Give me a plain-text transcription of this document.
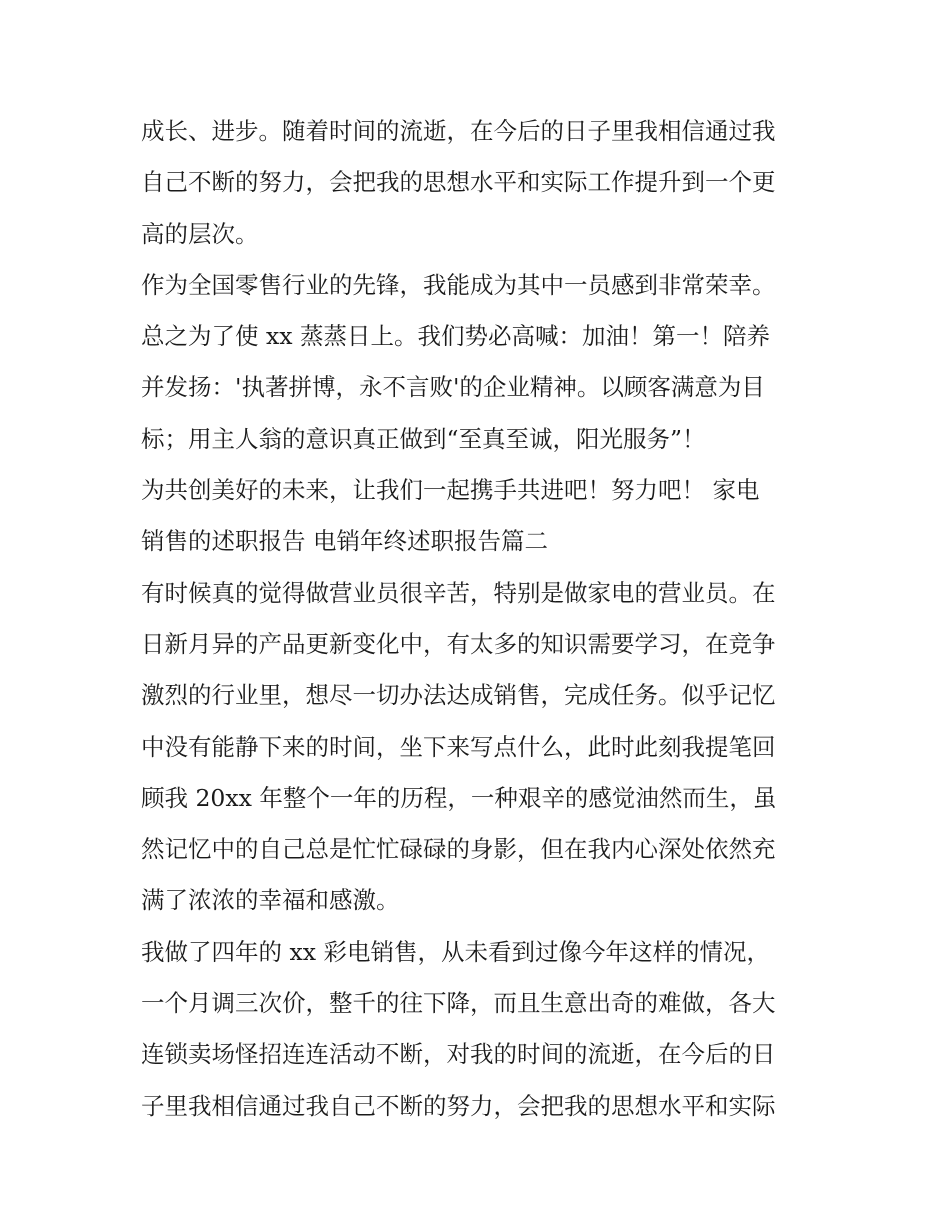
成长、进步。随着时间的流逝，在今后的日子里我相信通过我
自己不断的努力，会把我的思想水平和实际工作提升到一个更
高的层次。
作为全国零售行业的先锋，我能成为其中一员感到非常荣幸。
总之为了使 xx 蒸蒸日上。我们势必高喊：加油！第一！陪养
并发扬：'执著拼博，永不言败'的企业精神。以顾客满意为目
标；用主人翁的意识真正做到“至真至诚，阳光服务”！
为共创美好的未来，让我们一起携手共进吧！努力吧！ 家电
销售的述职报告 电销年终述职报告篇二
有时候真的觉得做营业员很辛苦，特别是做家电的营业员。在
日新月异的产品更新变化中，有太多的知识需要学习，在竞争
激烈的行业里，想尽一切办法达成销售，完成任务。似乎记忆
中没有能静下来的时间，坐下来写点什么，此时此刻我提笔回
顾我 20xx 年整个一年的历程，一种艰辛的感觉油然而生，虽
然记忆中的自己总是忙忙碌碌的身影，但在我内心深处依然充
满了浓浓的幸福和感激。
我做了四年的 xx 彩电销售，从未看到过像今年这样的情况，
一个月调三次价，整千的往下降，而且生意出奇的难做，各大
连锁卖场怪招连连活动不断，对我的时间的流逝，在今后的日
子里我相信通过我自己不断的努力，会把我的思想水平和实际
